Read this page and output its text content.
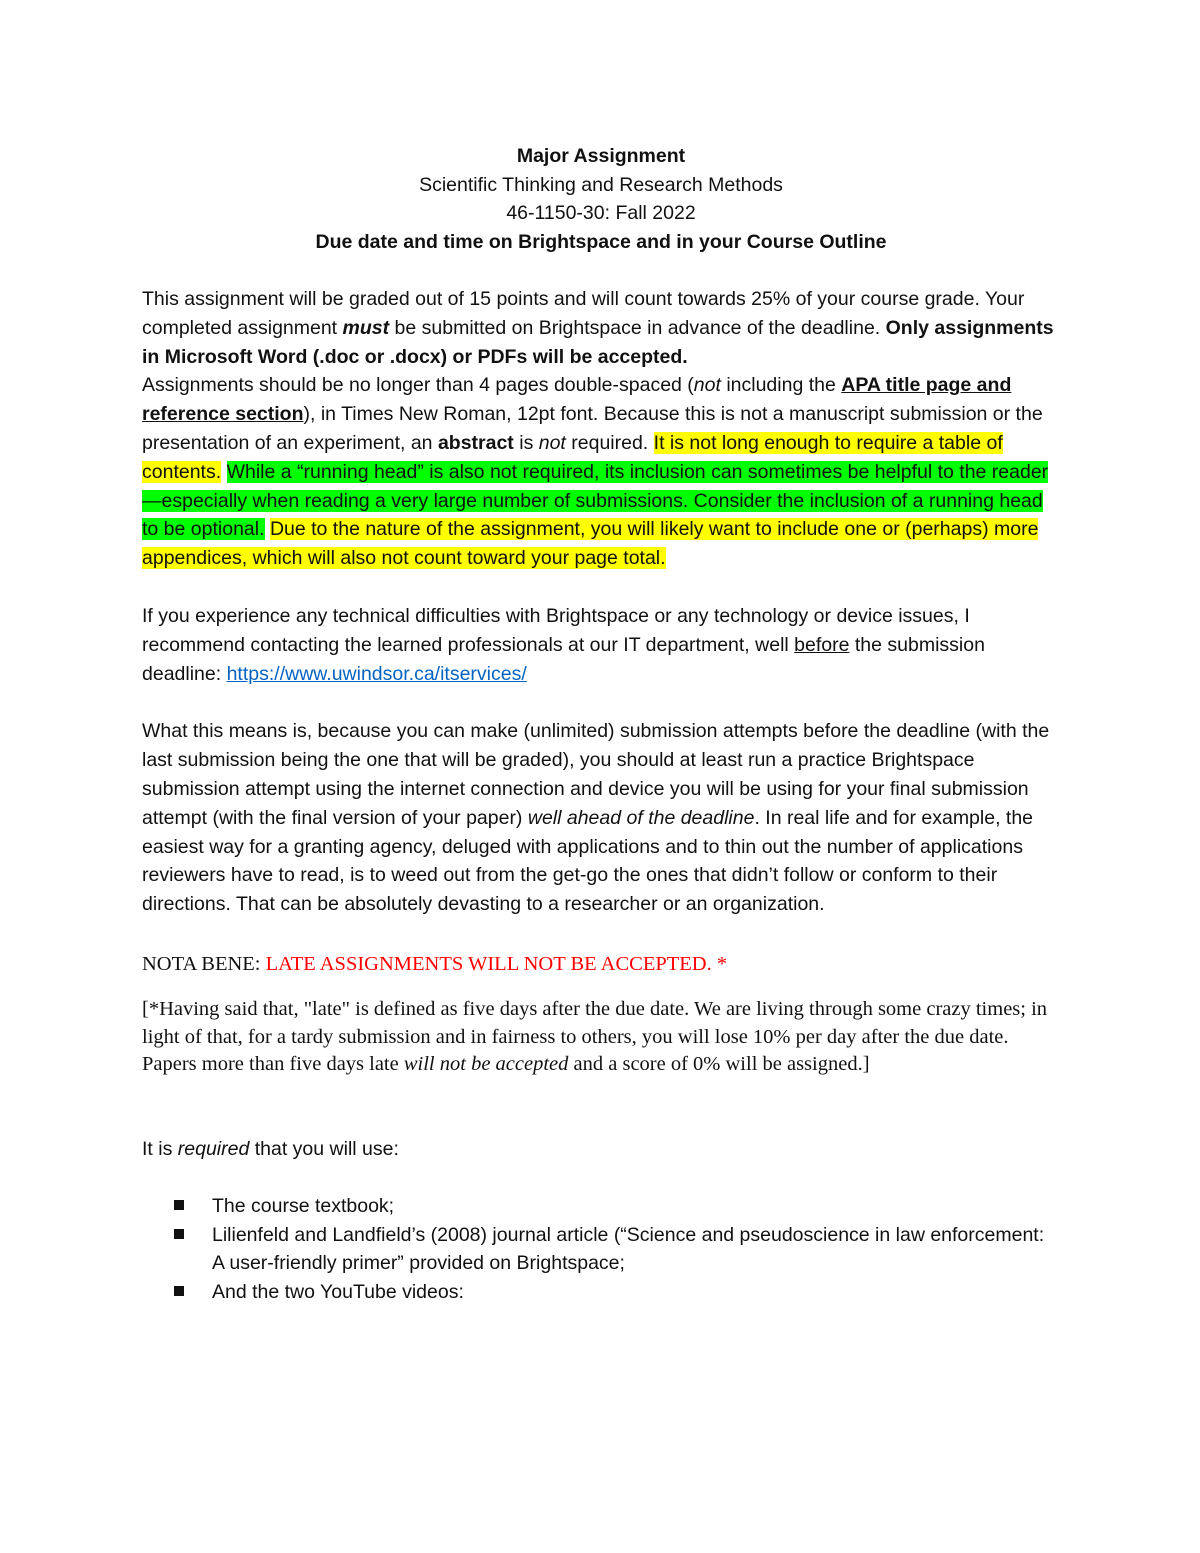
Major Assignment
Scientific Thinking and Research Methods
46-1150-30: Fall 2022
Due date and time on Brightspace and in your Course Outline

This assignment will be graded out of 15 points and will count towards 25% of your course grade. Your completed assignment must be submitted on Brightspace in advance of the deadline. Only assignments in Microsoft Word (.doc or .docx) or PDFs will be accepted.
Assignments should be no longer than 4 pages double-spaced (not including the APA title page and reference section), in Times New Roman, 12pt font. Because this is not a manuscript submission or the presentation of an experiment, an abstract is not required. It is not long enough to require a table of contents. While a “running head” is also not required, its inclusion can sometimes be helpful to the reader—especially when reading a very large number of submissions. Consider the inclusion of a running head to be optional. Due to the nature of the assignment, you will likely want to include one or (perhaps) more appendices, which will also not count toward your page total.

If you experience any technical difficulties with Brightspace or any technology or device issues, I recommend contacting the learned professionals at our IT department, well before the submission deadline: https://www.uwindsor.ca/itservices/

What this means is, because you can make (unlimited) submission attempts before the deadline (with the last submission being the one that will be graded), you should at least run a practice Brightspace submission attempt using the internet connection and device you will be using for your final submission attempt (with the final version of your paper) well ahead of the deadline. In real life and for example, the easiest way for a granting agency, deluged with applications and to thin out the number of applications reviewers have to read, is to weed out from the get-go the ones that didn’t follow or conform to their directions. That can be absolutely devasting to a researcher or an organization.

NOTA BENE: LATE ASSIGNMENTS WILL NOT BE ACCEPTED. *

[*Having said that, "late" is defined as five days after the due date. We are living through some crazy times; in light of that, for a tardy submission and in fairness to others, you will lose 10% per day after the due date. Papers more than five days late will not be accepted and a score of 0% will be assigned.]

It is required that you will use:

The course textbook;
Lilienfeld and Landfield’s (2008) journal article (“Science and pseudoscience in law enforcement: A user-friendly primer” provided on Brightspace;
And the two YouTube videos:
